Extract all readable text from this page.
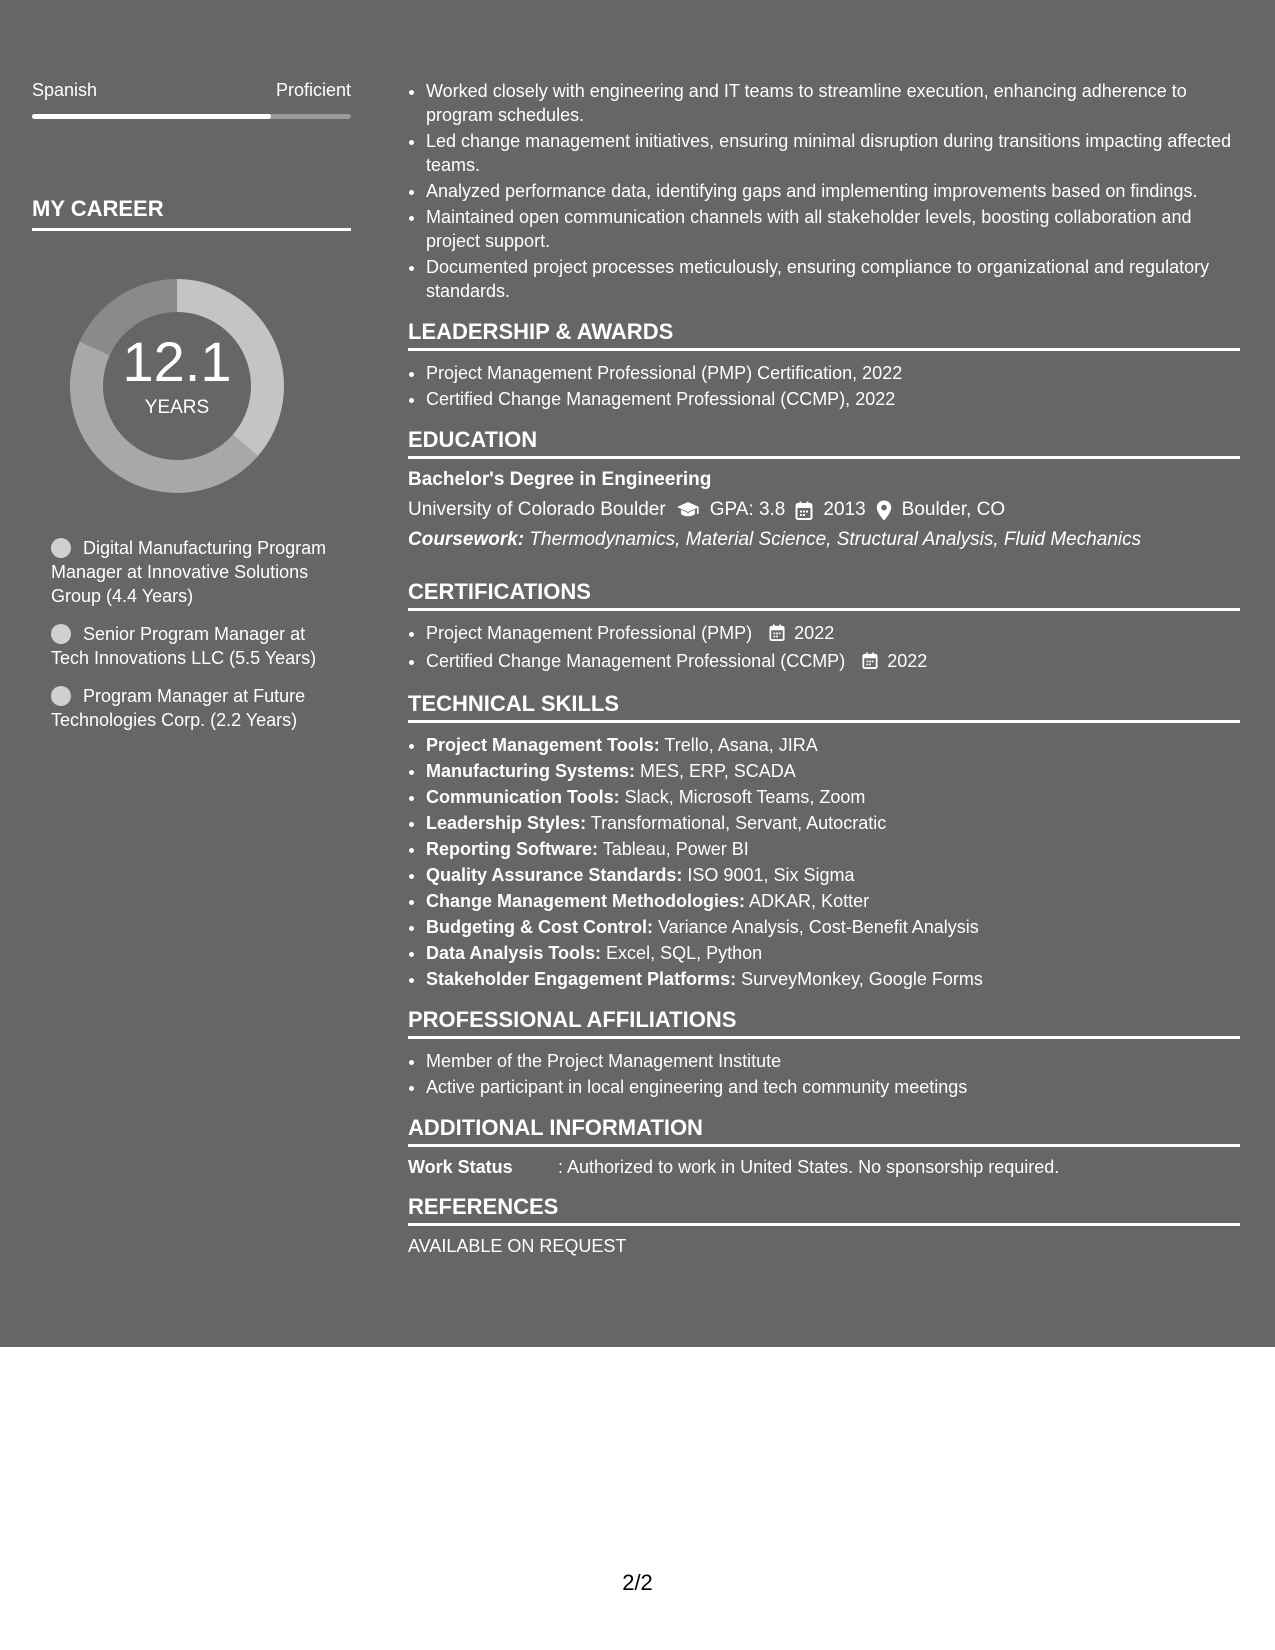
Spanish	Proficient
MY CAREER
12.1
YEARS
Digital Manufacturing Program Manager at Innovative Solutions Group (4.4 Years)
Senior Program Manager at Tech Innovations LLC (5.5 Years)
Program Manager at Future Technologies Corp. (2.2 Years)
• Worked closely with engineering and IT teams to streamline execution, enhancing adherence to program schedules.
• Led change management initiatives, ensuring minimal disruption during transitions impacting affected teams.
• Analyzed performance data, identifying gaps and implementing improvements based on findings.
• Maintained open communication channels with all stakeholder levels, boosting collaboration and project support.
• Documented project processes meticulously, ensuring compliance to organizational and regulatory standards.
LEADERSHIP & AWARDS
• Project Management Professional (PMP) Certification, 2022
• Certified Change Management Professional (CCMP), 2022
EDUCATION
Bachelor's Degree in Engineering
University of Colorado Boulder GPA: 3.8 2013 Boulder, CO
Coursework: Thermodynamics, Material Science, Structural Analysis, Fluid Mechanics
CERTIFICATIONS
• Project Management Professional (PMP) 2022
• Certified Change Management Professional (CCMP) 2022
TECHNICAL SKILLS
• Project Management Tools: Trello, Asana, JIRA
• Manufacturing Systems: MES, ERP, SCADA
• Communication Tools: Slack, Microsoft Teams, Zoom
• Leadership Styles: Transformational, Servant, Autocratic
• Reporting Software: Tableau, Power BI
• Quality Assurance Standards: ISO 9001, Six Sigma
• Change Management Methodologies: ADKAR, Kotter
• Budgeting & Cost Control: Variance Analysis, Cost-Benefit Analysis
• Data Analysis Tools: Excel, SQL, Python
• Stakeholder Engagement Platforms: SurveyMonkey, Google Forms
PROFESSIONAL AFFILIATIONS
• Member of the Project Management Institute
• Active participant in local engineering and tech community meetings
ADDITIONAL INFORMATION
Work Status	: Authorized to work in United States. No sponsorship required.
REFERENCES
AVAILABLE ON REQUEST
2/2
